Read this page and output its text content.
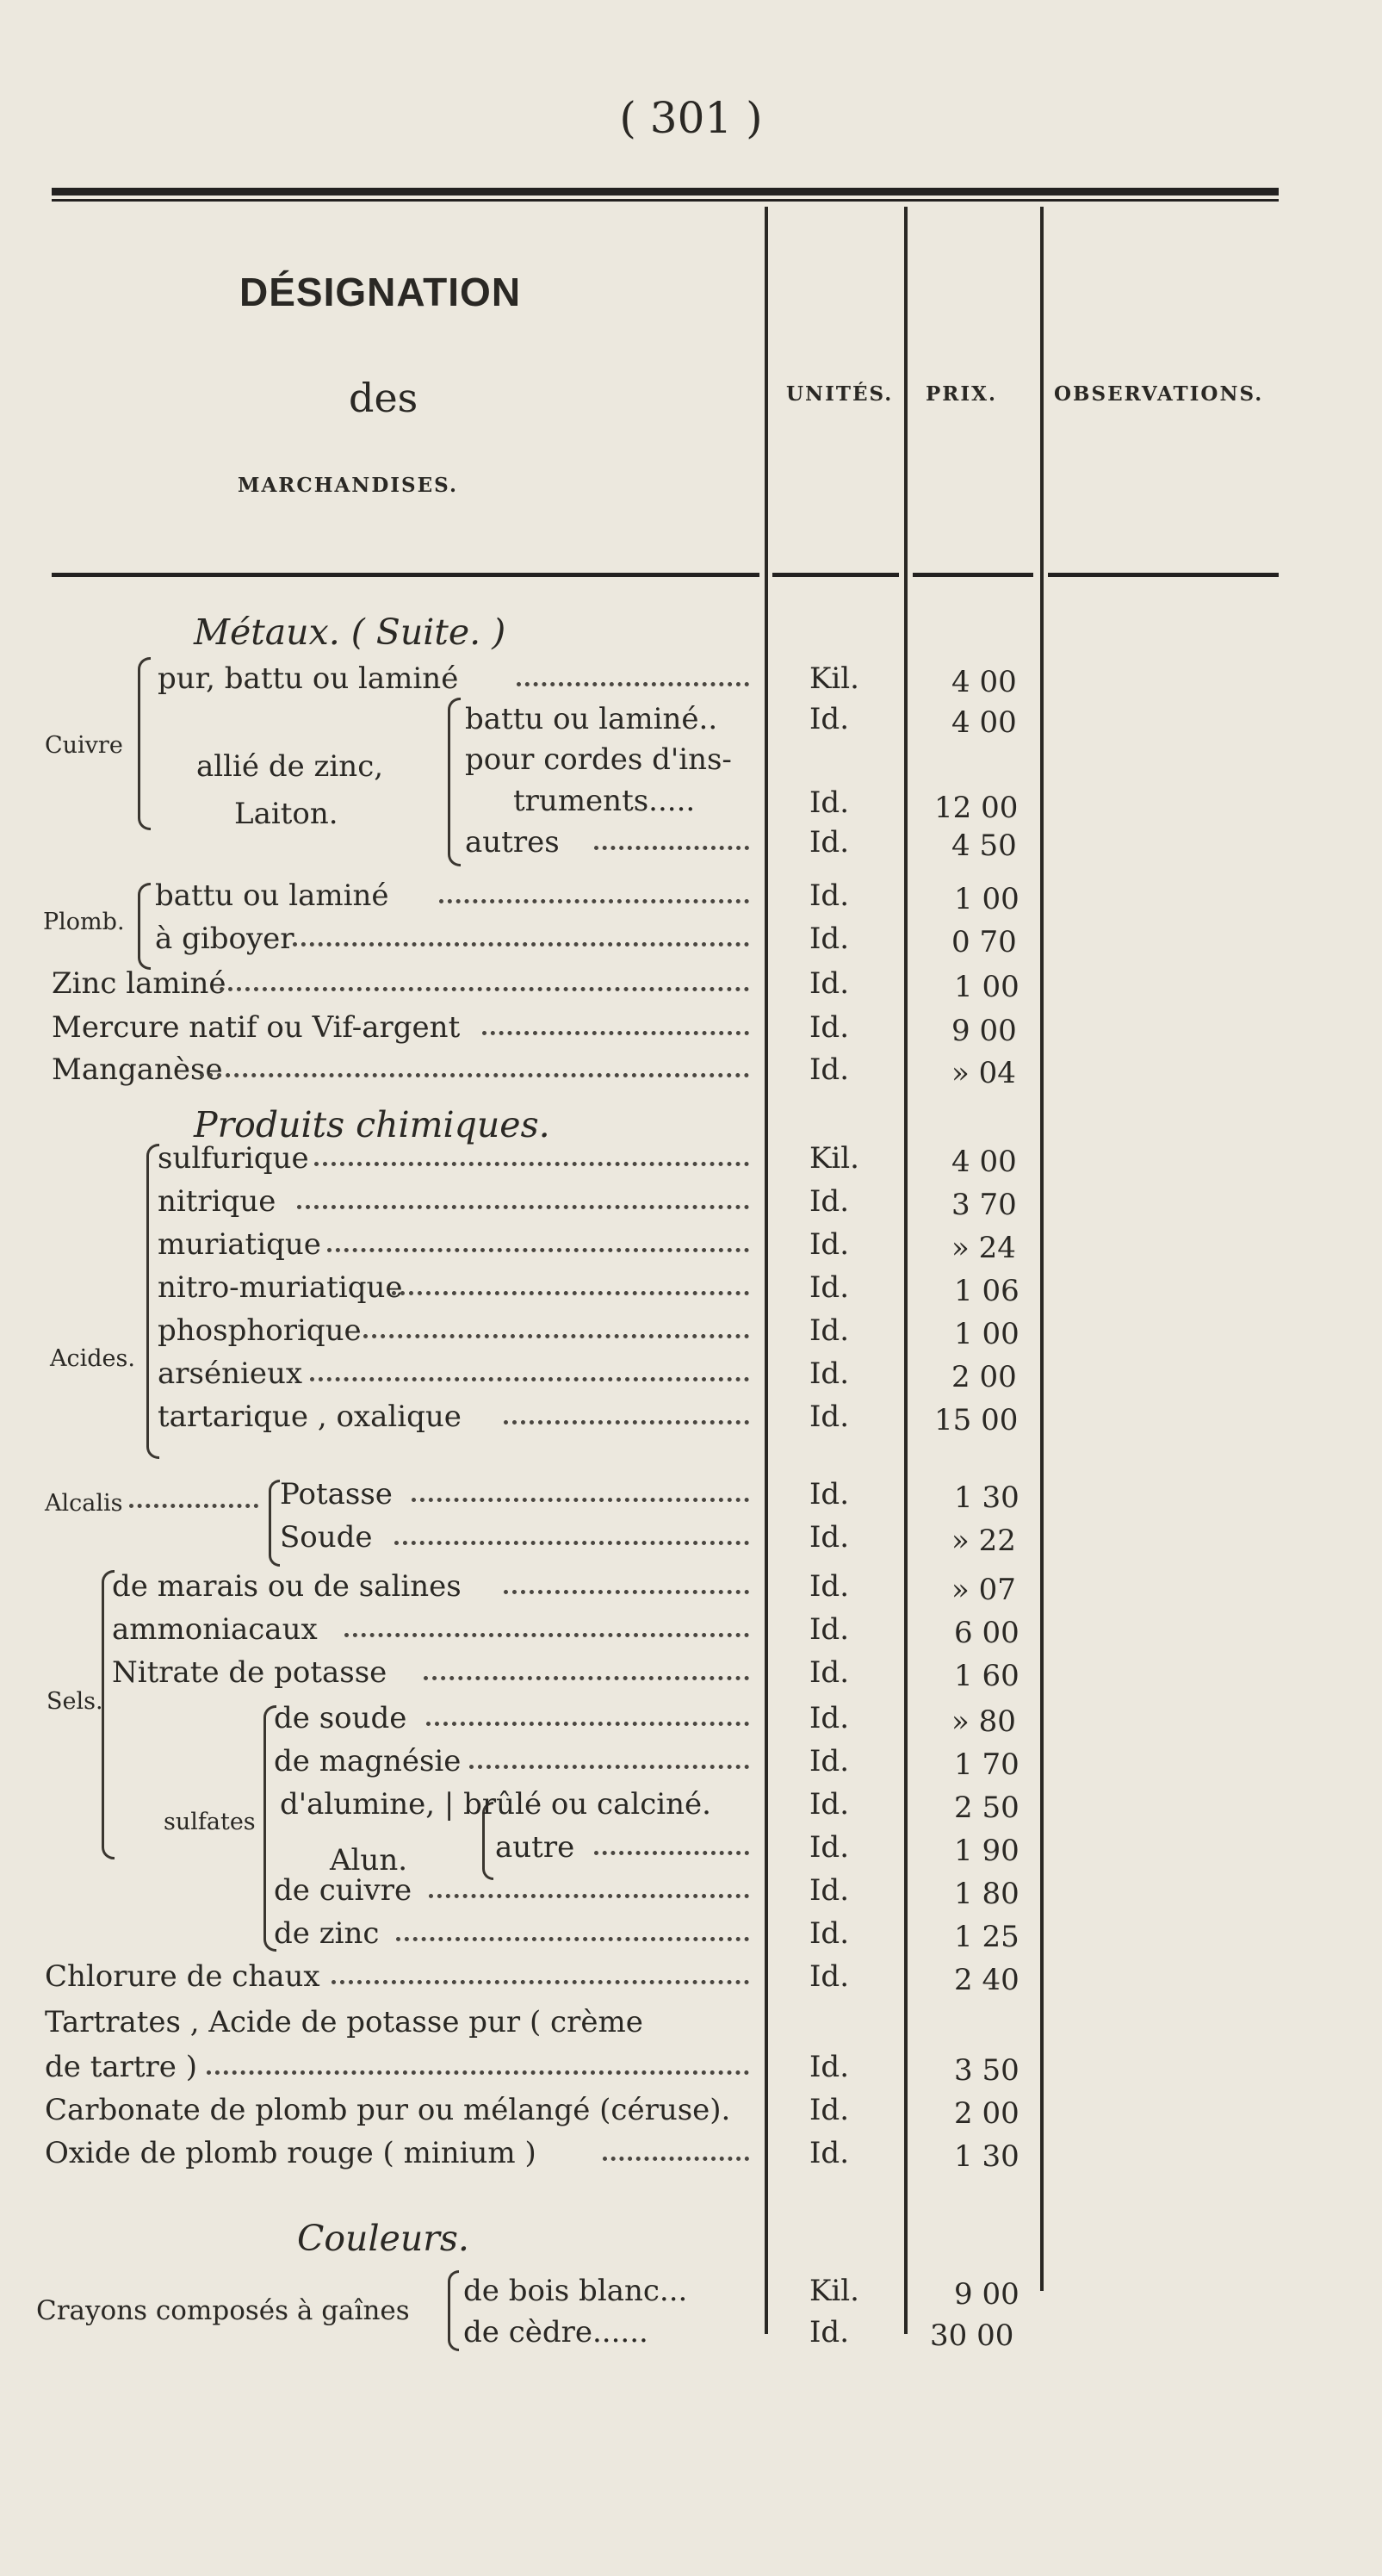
( 301 )
DÉSIGNATION
des
MARCHANDISES.
UNITÉS. PRIX.	OBSERVATIONS.
Métaux. ( Suite. )
Cuivre
allié de zinc,
Laiton.
Plomb.
Produits chimiques.
Acides.
Alcalis
Sels.
sulfates
Alun.
Couleurs.
Crayons composés à gaînes
pur, battu ou laminé	Kil.	4 00
battu ou laminé..	Id.	4 00
pour cordes d'ins-
truments.....	Id.	12 00
autres	Id.	4 50
battu ou laminé	Id.	1 00
à giboyer	Id.	0 70
Zinc laminé	Id.	1 00
Mercure natif ou Vif-argent	Id.	9 00
Manganèse	Id.	» 04
sulfurique	Kil.	4 00
nitrique	Id.	3 70
muriatique	Id.	» 24
nitro-muriatique	Id.	1 06
phosphorique	Id.	1 00
arsénieux	Id.	2 00
tartarique , oxalique	Id.	15 00
Potasse	Id.	1 30
Soude	Id.	» 22
de marais ou de salines	Id.	» 07
ammoniacaux	Id.	6 00
Nitrate de potasse	Id.	1 60
de soude	Id.	» 80
de magnésie	Id.	1 70
d'alumine, | brûlé ou calciné.	Id.	2 50
autre	Id.	1 90
de cuivre	Id.	1 80
de zinc	Id.	1 25
Chlorure de chaux	Id.	2 40
Tartrates , Acide de potasse pur ( crème
de tartre )	Id.	3 50
Carbonate de plomb pur ou mélangé (céruse).	Id.	2 00
Oxide de plomb rouge ( minium )	Id.	1 30
de bois blanc...	Kil.	9 00
de cèdre......	Id.	30 00
